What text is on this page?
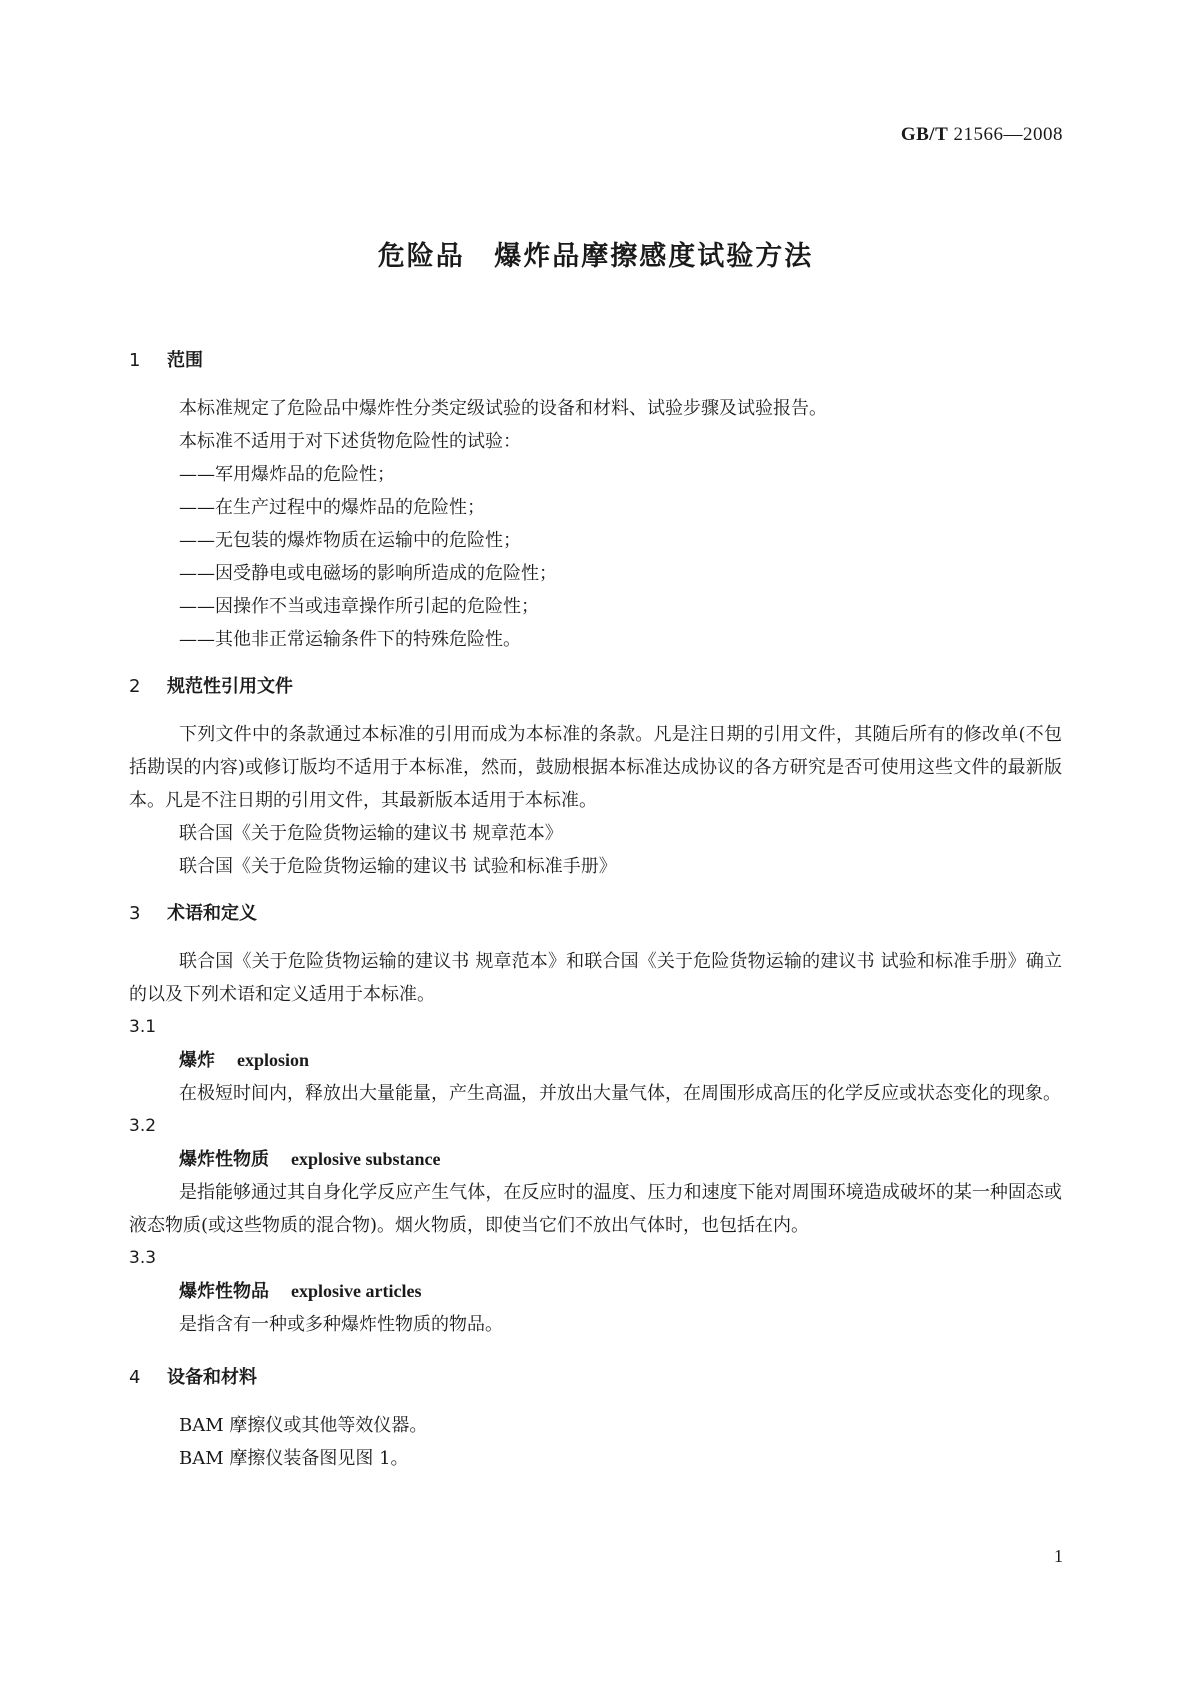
GB/T 21566—2008
危险品 爆炸品摩擦感度试验方法
1 范围
本标准规定了危险品中爆炸性分类定级试验的设备和材料、试验步骤及试验报告。
本标准不适用于对下述货物危险性的试验：
——军用爆炸品的危险性；
——在生产过程中的爆炸品的危险性；
——无包装的爆炸物质在运输中的危险性；
——因受静电或电磁场的影响所造成的危险性；
——因操作不当或违章操作所引起的危险性；
——其他非正常运输条件下的特殊危险性。
2 规范性引用文件
下列文件中的条款通过本标准的引用而成为本标准的条款。凡是注日期的引用文件，其随后所有的修改单(不包括勘误的内容)或修订版均不适用于本标准，然而，鼓励根据本标准达成协议的各方研究是否可使用这些文件的最新版本。凡是不注日期的引用文件，其最新版本适用于本标准。
联合国《关于危险货物运输的建议书 规章范本》
联合国《关于危险货物运输的建议书 试验和标准手册》
3 术语和定义
联合国《关于危险货物运输的建议书 规章范本》和联合国《关于危险货物运输的建议书 试验和标准手册》确立的以及下列术语和定义适用于本标准。
3.1
爆炸 explosion
在极短时间内，释放出大量能量，产生高温，并放出大量气体，在周围形成高压的化学反应或状态变化的现象。
3.2
爆炸性物质 explosive substance
是指能够通过其自身化学反应产生气体，在反应时的温度、压力和速度下能对周围环境造成破坏的某一种固态或液态物质(或这些物质的混合物)。烟火物质，即使当它们不放出气体时，也包括在内。
3.3
爆炸性物品 explosive articles
是指含有一种或多种爆炸性物质的物品。
4 设备和材料
BAM 摩擦仪或其他等效仪器。
BAM 摩擦仪装备图见图 1。
1
